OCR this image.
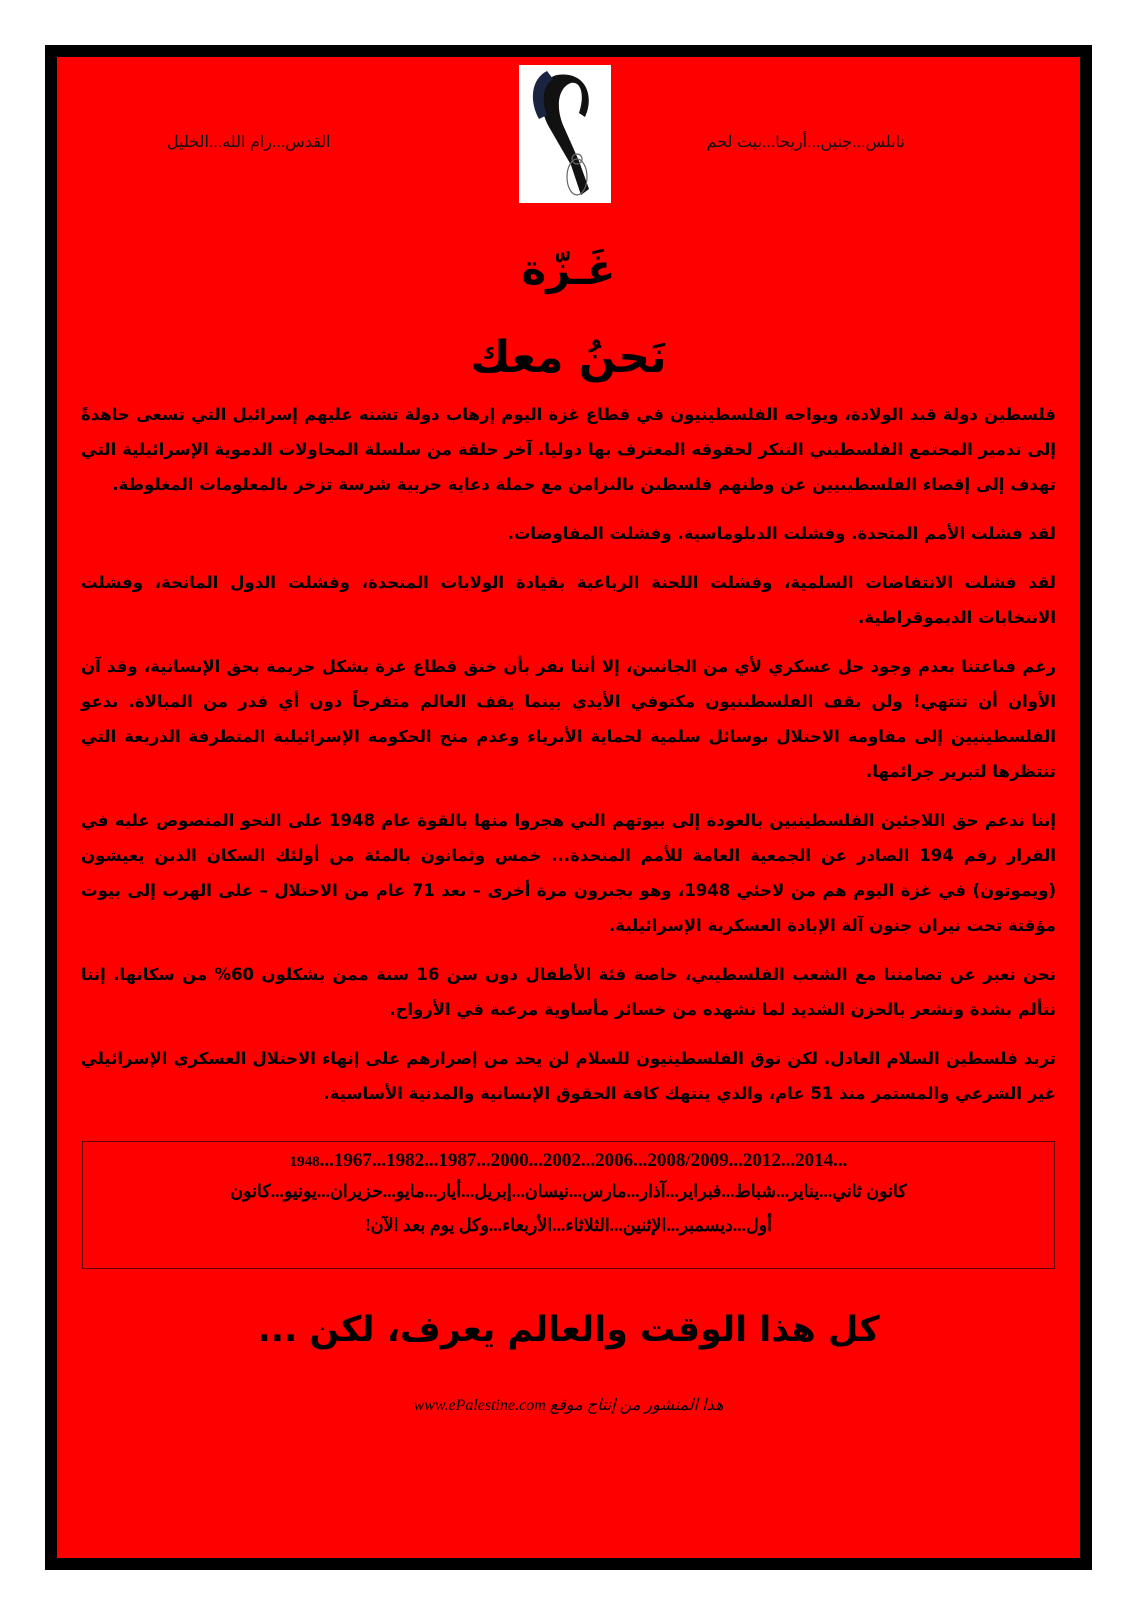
نابلس...جنين...أريحا...بيت لحم
القدس...رام الله...الخليل
غَـزّة
نَحنُ معك

فلسطين دولة قيد الولادة، ويواجه الفلسطينيون في قطاع غزة اليوم إرهاب دولة تشنه عليهم إسرائيل التي تسعى جاهدةً إلى تدمير المجتمع الفلسطيني التنكر لحقوقه المعترف بها دوليا. آخر حلقة من سلسلة المحاولات الدموية الإسرائيلية التي تهدف إلى إقصاء الفلسطينيين عن وطنهم فلسطين بالتزامن مع حملة دعاية حربية شرسة تزخر بالمعلومات المغلوطة.

لقد فشلت الأمم المتحدة. وفشلت الدبلوماسية. وفشلت المفاوضات.

لقد فشلت الانتفاضات السلمية، وفشلت اللجنة الرباعية بقيادة الولايات المتحدة، وفشلت الدول المانحة، وفشلت الانتخابات الديموقراطية.

رغم قناعتنا بعدم وجود حل عسكري لأي من الجانبين، إلا أننا نقر بأن خنق قطاع غزة يشكل جريمة بحق الإنسانية، وقد آن الأوان أن تنتهي! ولن يقف الفلسطينيون مكتوفي الأيدي بينما يقف العالم متفرجاً دون أي قدر من المبالاة. ندعو الفلسطينيين إلى مقاومة الاحتلال بوسائل سلمية لحماية الأبرياء وعدم منح الحكومة الإسرائيلية المتطرفة الذريعة التي تنتظرها لتبرير جرائمها.

إننا ندعم حق اللاجئين الفلسطينيين بالعودة إلى بيوتهم التي هجروا منها بالقوة عام 1948 على النحو المنصوص عليه في القرار رقم 194 الصادر عن الجمعية العامة للأمم المتحدة... خمس وثمانون بالمئة من أولئك السكان الذين يعيشون (ويموتون) في غزة اليوم هم من لاجئي 1948، وهو يجبرون مرة أخرى – بعد 71 عام من الاحتلال – على الهرب إلى بيوت مؤقتة تحت نيران جنون آلة الإبادة العسكرية الإسرائيلية.

نحن نعبر عن تضامننا مع الشعب الفلسطيني، خاصة فئة الأطفال دون سن 16 سنة ممن يشكلون 60% من سكانها. إننا نتألم بشدة ونشعر بالحزن الشديد لما نشهده من خسائر مأساوية مرعبة في الأرواح.

تريد فلسطين السلام العادل. لكن توق الفلسطينيون للسلام لن يحد من إصرارهم على إنهاء الاحتلال العسكري الإسرائيلي غير الشرعي والمستمر منذ 51 عام، والذي ينتهك كافة الحقوق الإنسانية والمدنية الأساسية.

1948...1967...1982...1987...2000...2002...2006...2008/2009...2012...2014...
كانون ثاني...يناير...شباط...فبراير...آذار...مارس...نيسان...إبريل...أيار...مايو...حزيران...يونيو...كانون أول...ديسمبر...الإثنين...الثلاثاء...الأربعاء...وكل يوم بعد الآن!
كل هذا الوقت والعالم يعرف، لكن ...
هذا المنشور من إنتاج موقع www.ePalestine.com
